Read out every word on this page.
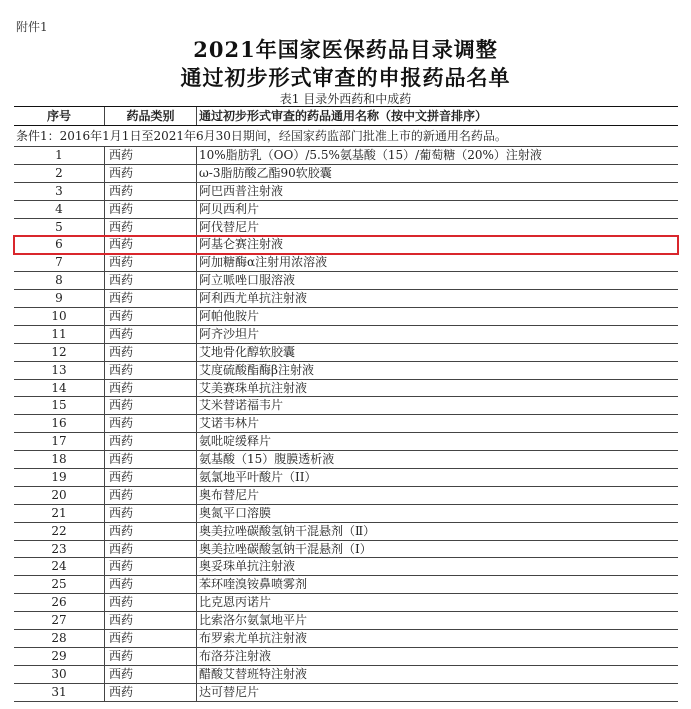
附件1
2021年国家医保药品目录调整
通过初步形式审查的申报药品名单
表1 目录外西药和中成药
序号	药品类别	通过初步形式审查的药品通用名称（按中文拼音排序）
条件1：2016年1月1日至2021年6月30日期间，经国家药监部门批准上市的新通用名药品。
1	西药	10%脂肪乳（OO）/5.5%氨基酸（15）/葡萄糖（20%）注射液
2	西药	ω-3脂肪酸乙酯90软胶囊
3	西药	阿巴西普注射液
4	西药	阿贝西利片
5	西药	阿伐替尼片
6	西药	阿基仑赛注射液
7	西药	阿加糖酶α注射用浓溶液
8	西药	阿立哌唑口服溶液
9	西药	阿利西尤单抗注射液
10	西药	阿帕他胺片
11	西药	阿齐沙坦片
12	西药	艾地骨化醇软胶囊
13	西药	艾度硫酸酯酶β注射液
14	西药	艾美赛珠单抗注射液
15	西药	艾米替诺福韦片
16	西药	艾诺韦林片
17	西药	氨吡啶缓释片
18	西药	氨基酸（15）腹膜透析液
19	西药	氨氯地平叶酸片（II）
20	西药	奥布替尼片
21	西药	奥氮平口溶膜
22	西药	奥美拉唑碳酸氢钠干混悬剂（Ⅱ）
23	西药	奥美拉唑碳酸氢钠干混悬剂（Ⅰ）
24	西药	奥妥珠单抗注射液
25	西药	苯环喹溴铵鼻喷雾剂
26	西药	比克恩丙诺片
27	西药	比索洛尔氨氯地平片
28	西药	布罗索尤单抗注射液
29	西药	布洛芬注射液
30	西药	醋酸艾替班特注射液
31	西药	达可替尼片
